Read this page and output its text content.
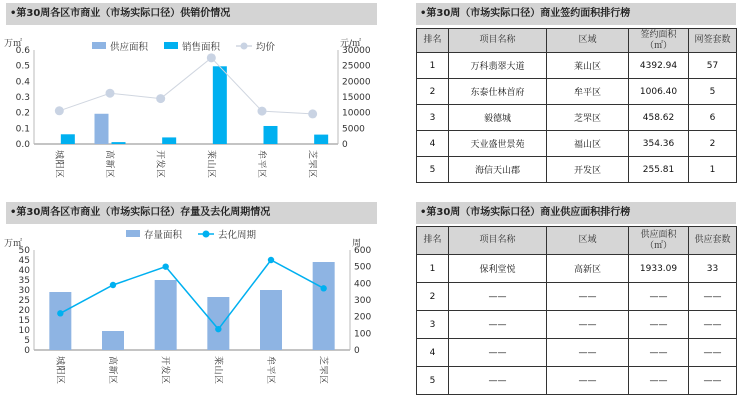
•第30周各区市商业（市场实际口径）供销价情况
•第30周各区市商业（市场实际口径）存量及去化周期情况
•第30周（市场实际口径）商业签约面积排行榜
•第30周（市场实际口径）商业供应面积排行榜
万㎡	元/㎡
0.0
0.1
0.2
0.3
0.4
0.5
0.6
0
5000
10000
15000
20000
25000
30000
城
阳
区
高
新
区
开
发
区
莱
山
区
牟
平
区
芝
罘
区
供应面积	销售面积	均价
万㎡	周
0
5
10
15
20
25
30
35
40
45
50
0
100
200
300
400
500
600
城
阳
区
高
新
区
开
发
区
莱
山
区
牟
平
区
芝
罘
区
存量面积	去化周期
排名	项目名称	区域	签约面积
（㎡）	网签套数
1	万科翡翠大道	莱山区	4392.94	57
2	东泰仕林首府	牟平区	1006.40	5
3	毅德城	芝罘区	458.62	6
4	天业盛世景苑	福山区	354.36	2
5	海信天山郡	开发区	255.81	1
排名	项目名称	区域	供应面积
（㎡）	供应套数
1	保利堂悦	高新区	1933.09	33
2	——	——	——	——
3	——	——	——	——
4	——	——	——	——
5	——	——	——	——
